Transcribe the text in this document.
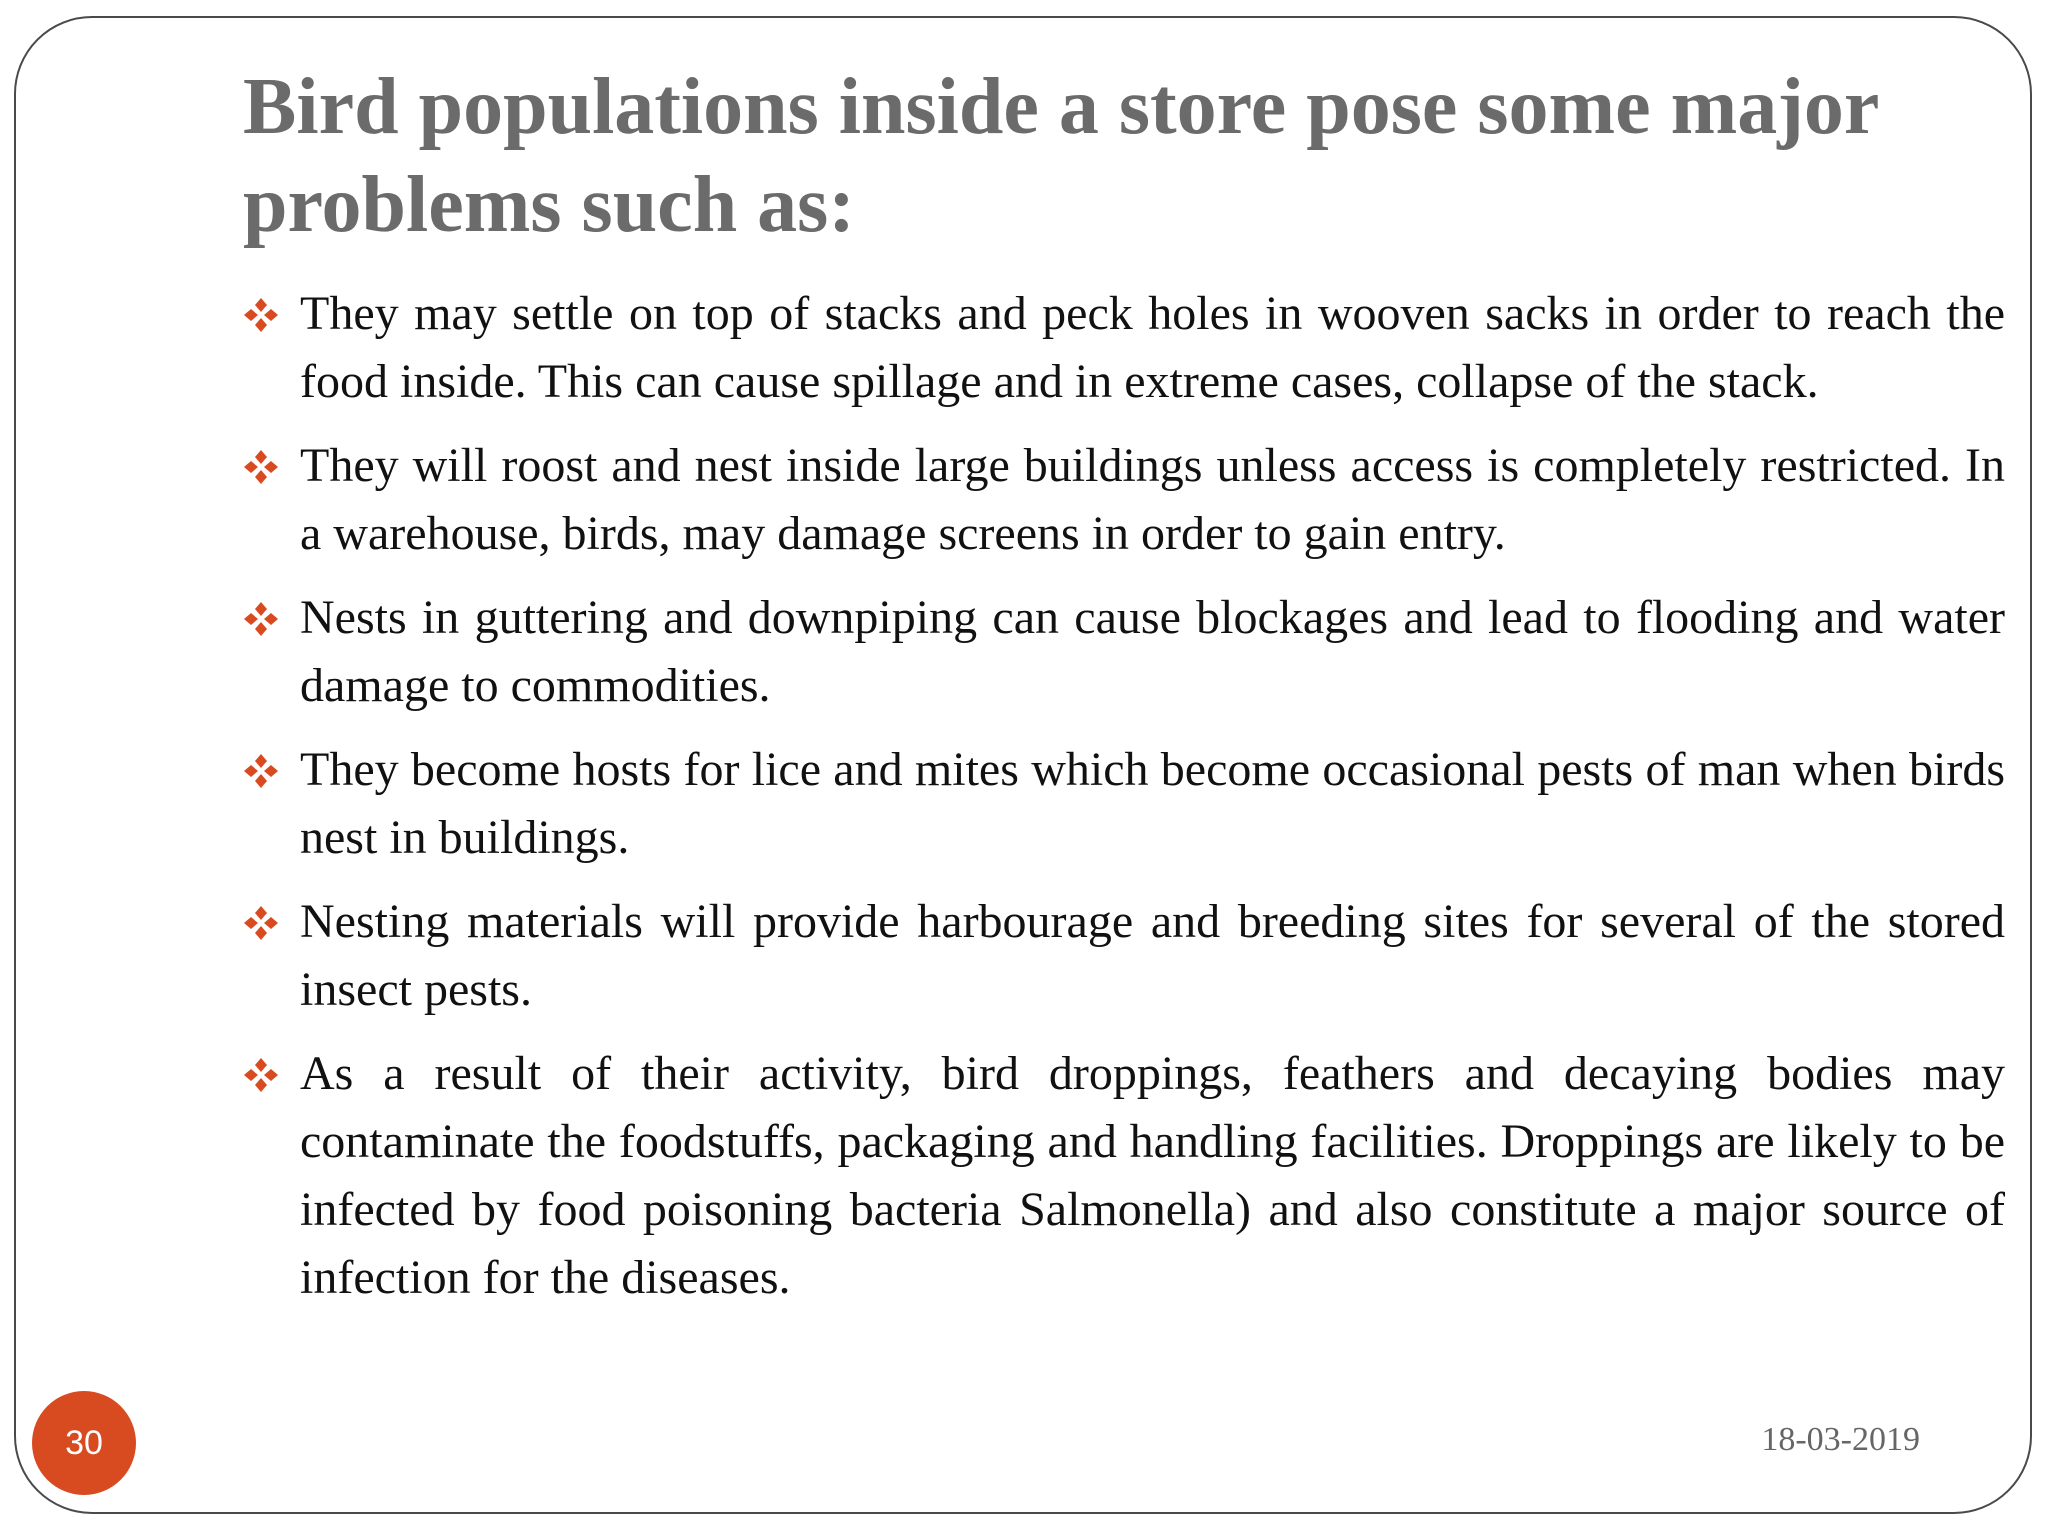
Bird populations inside a store pose some major problems such as:
They may settle on top of stacks and peck holes in wooven sacks in order to reach the food inside. This can cause spillage and in extreme cases, collapse of the stack.
They will roost and nest inside large buildings unless access is completely restricted. In a warehouse, birds, may damage screens in order to gain entry.
Nests in guttering and downpiping can cause blockages and lead to flooding and water damage to commodities.
They become hosts for lice and mites which become occasional pests of man when birds nest in buildings.
Nesting materials will provide harbourage and breeding sites for several of the stored insect pests.
As a result of their activity, bird droppings, feathers and decaying bodies may contaminate the foodstuffs, packaging and handling facilities. Droppings are likely to be infected by food poisoning bacteria Salmonella) and also constitute a major source of infection for the diseases.
30	18-03-2019
